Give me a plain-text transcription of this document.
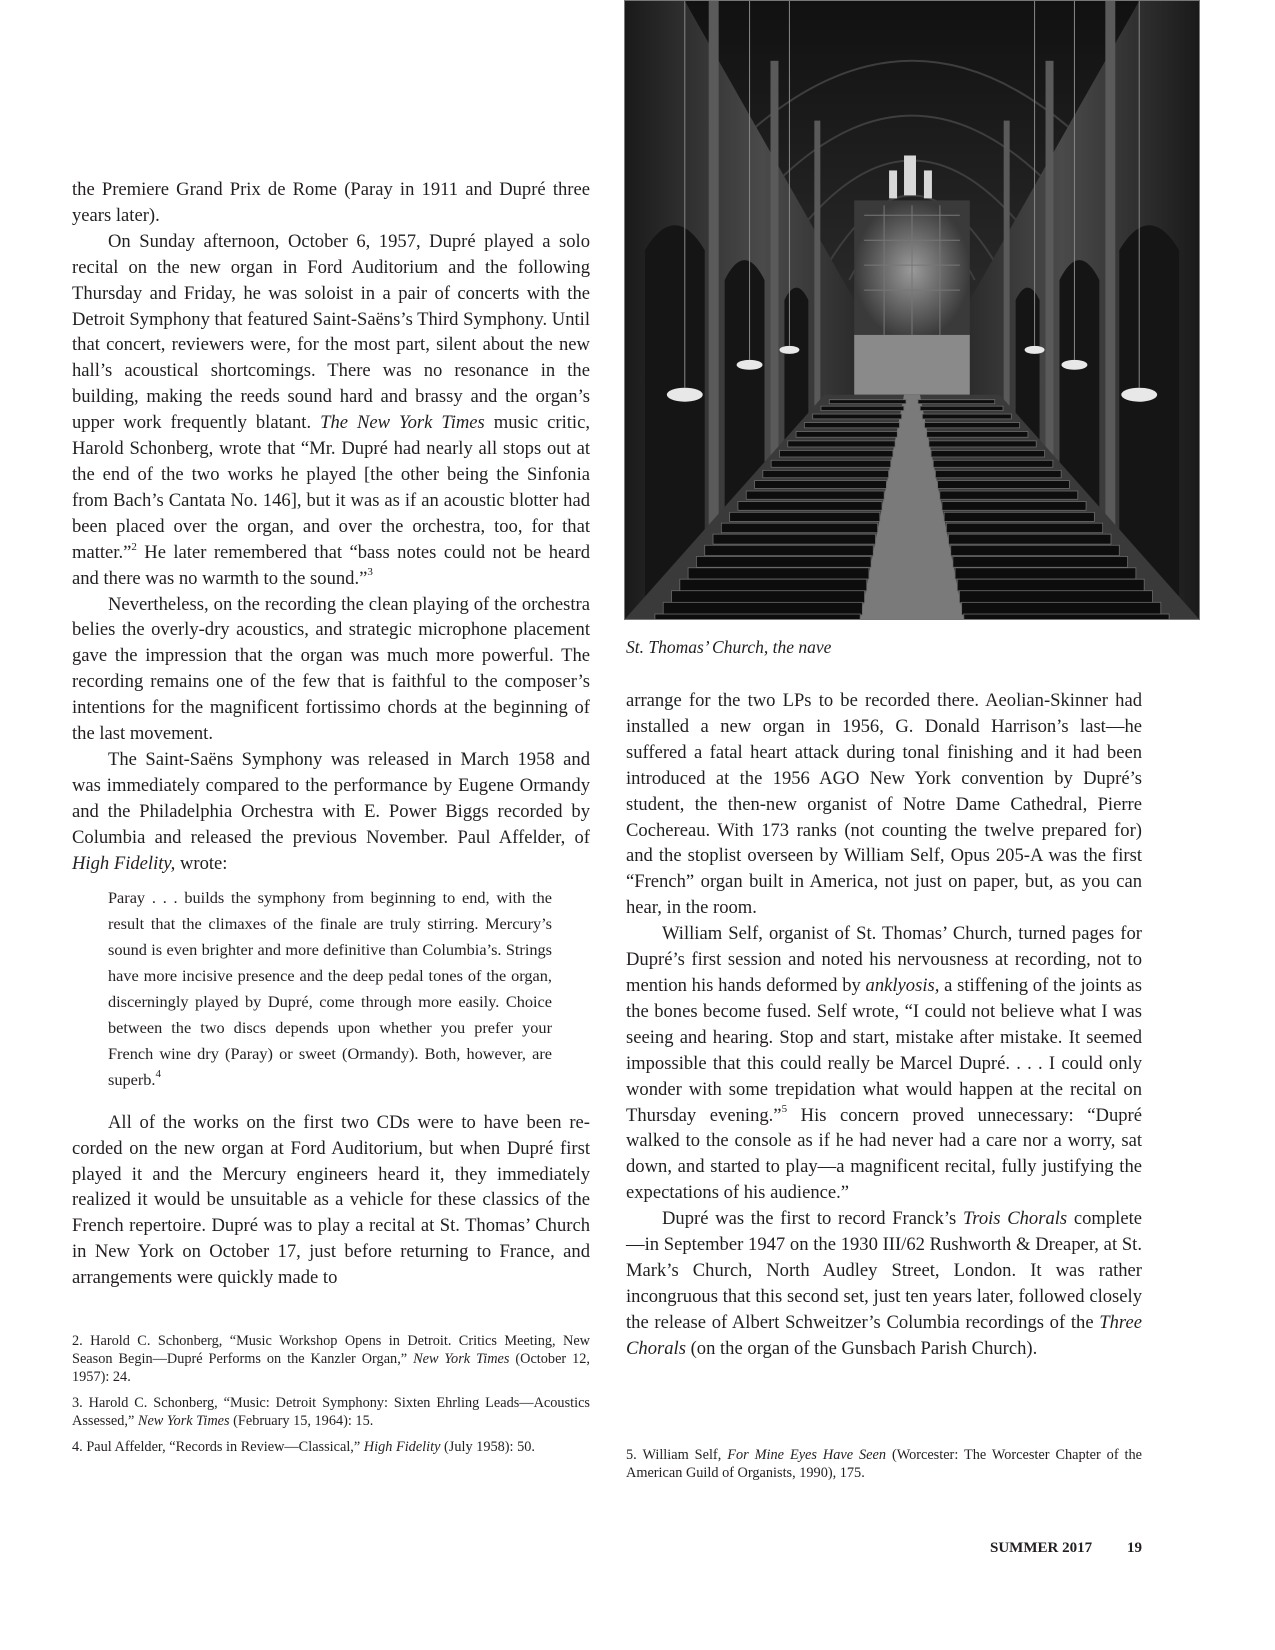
the Premiere Grand Prix de Rome (Paray in 1911 and Dupré three years later).

On Sunday afternoon, October 6, 1957, Dupré played a solo recital on the new organ in Ford Auditorium and the following Thursday and Friday, he was soloist in a pair of concerts with the Detroit Symphony that featured Saint-Saëns’s Third Symphony. Until that concert, reviewers were, for the most part, silent about the new hall’s acoustical shortcomings. There was no resonance in the building, making the reeds sound hard and brassy and the organ’s upper work frequently blatant. The New York Times music critic, Harold Schonberg, wrote that “Mr. Dupré had nearly all stops out at the end of the two works he played [the other being the Sinfonia from Bach’s Cantata No. 146], but it was as if an acoustic blotter had been placed over the organ, and over the orchestra, too, for that matter.”$^2$ He later remembered that “bass notes could not be heard and there was no warmth to the sound.”$^3$

Nevertheless, on the recording the clean playing of the orchestra belies the overly-dry acoustics, and strategic microphone placement gave the impression that the organ was much more powerful. The recording remains one of the few that is faithful to the composer’s intentions for the magnificent fortissimo chords at the beginning of the last movement.

The Saint-Saëns Symphony was released in March 1958 and was immediately compared to the performance by Eugene Ormandy and the Philadelphia Orchestra with E. Power Biggs recorded by Columbia and released the previous November. Paul Affelder, of High Fidelity, wrote:

Paray . . . builds the symphony from beginning to end, with the result that the climaxes of the finale are truly stirring. Mercury’s sound is even brighter and more definitive than Columbia’s. Strings have more incisive presence and the deep pedal tones of the organ, discerningly played by Dupré, come through more easily. Choice between the two discs depends upon whether you prefer your French wine dry (Paray) or sweet (Ormandy). Both, however, are superb.$^4$

All of the works on the first two CDs were to have been recorded on the new organ at Ford Auditorium, but when Dupré first played it and the Mercury engineers heard it, they immediately realized it would be unsuitable as a vehicle for these classics of the French repertoire. Dupré was to play a recital at St. Thomas’ Church in New York on October 17, just before returning to France, and arrangements were quickly made to

2. Harold C. Schonberg, “Music Workshop Opens in Detroit. Critics Meeting, New Season Begin—Dupré Performs on the Kanzler Organ,” New York Times (October 12, 1957): 24.

3. Harold C. Schonberg, “Music: Detroit Symphony: Sixten Ehrling Leads—Acoustics Assessed,” New York Times (February 15, 1964): 15.

4. Paul Affelder, “Records in Review—Classical,” High Fidelity (July 1958): 50.

St. Thomas’ Church, the nave

arrange for the two LPs to be recorded there. Aeolian-Skinner had installed a new organ in 1956, G. Donald Harrison’s last—he suffered a fatal heart attack during tonal finishing and it had been introduced at the 1956 AGO New York convention by Dupré’s student, the then-new organist of Notre Dame Cathedral, Pierre Cochereau. With 173 ranks (not counting the twelve prepared for) and the stoplist overseen by William Self, Opus 205-A was the first “French” organ built in America, not just on paper, but, as you can hear, in the room.

William Self, organist of St. Thomas’ Church, turned pages for Dupré’s first session and noted his nervousness at recording, not to mention his hands deformed by anklyosis, a stiffening of the joints as the bones become fused. Self wrote, “I could not believe what I was seeing and hearing. Stop and start, mistake after mistake. It seemed impossible that this could really be Marcel Dupré. . . . I could only wonder with some trepidation what would happen at the recital on Thursday evening.”$^5$ His concern proved unnecessary: “Dupré walked to the console as if he had never had a care nor a worry, sat down, and started to play—a magnificent recital, fully justifying the expectations of his audience.”

Dupré was the first to record Franck’s Trois Chorals complete—in September 1947 on the 1930 III/62 Rushworth & Dreaper, at St. Mark’s Church, North Audley Street, London. It was rather incongruous that this second set, just ten years later, followed closely the release of Albert Schweitzer’s Columbia recordings of the Three Chorals (on the organ of the Gunsbach Parish Church).

5. William Self, For Mine Eyes Have Seen (Worcester: The Worcester Chapter of the American Guild of Organists, 1990), 175.

SUMMER 2017 19
